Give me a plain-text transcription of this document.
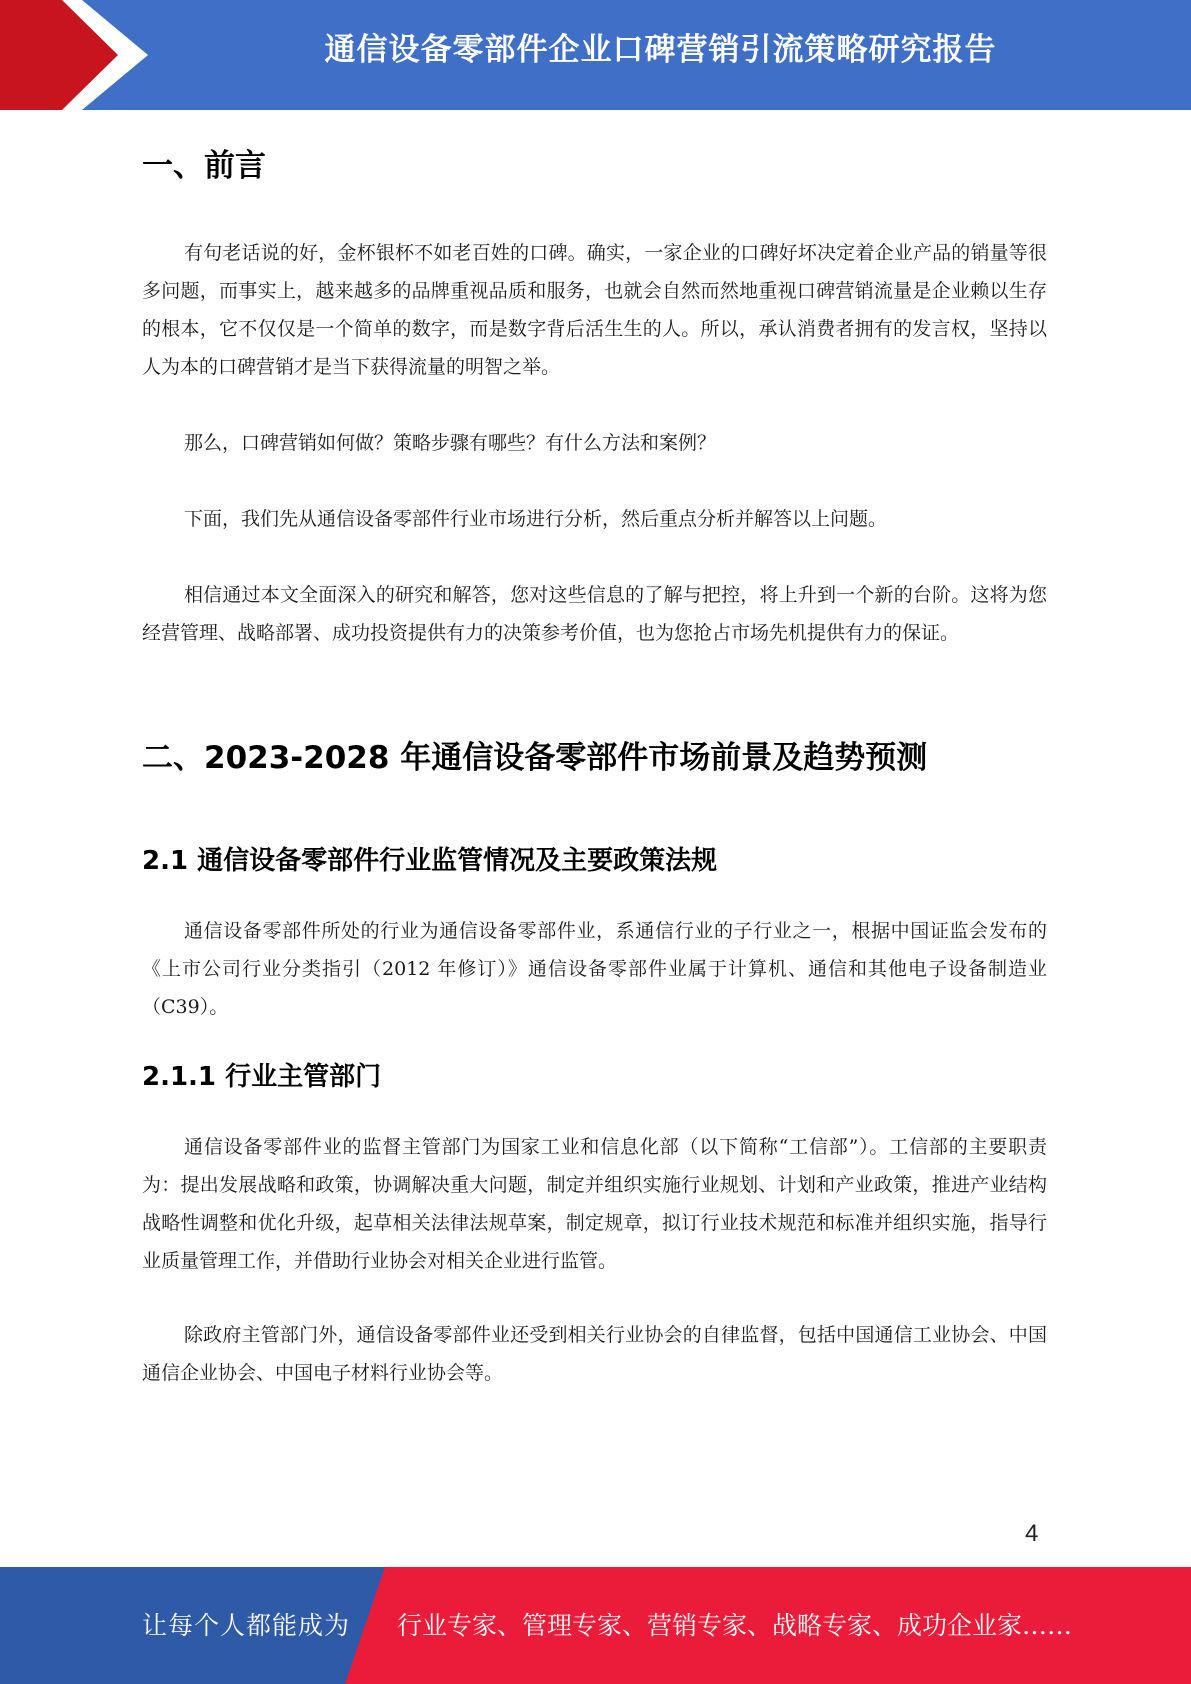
通信设备零部件企业口碑营销引流策略研究报告
一、前言

有句老话说的好，金杯银杯不如老百姓的口碑。确实，一家企业的口碑好坏决定着企业产品的销量等很多问题，而事实上，越来越多的品牌重视品质和服务，也就会自然而然地重视口碑营销流量是企业赖以生存的根本，它不仅仅是一个简单的数字，而是数字背后活生生的人。所以，承认消费者拥有的发言权，坚持以人为本的口碑营销才是当下获得流量的明智之举。

那么，口碑营销如何做？策略步骤有哪些？有什么方法和案例？

下面，我们先从通信设备零部件行业市场进行分析，然后重点分析并解答以上问题。

相信通过本文全面深入的研究和解答，您对这些信息的了解与把控，将上升到一个新的台阶。这将为您经营管理、战略部署、成功投资提供有力的决策参考价值，也为您抢占市场先机提供有力的保证。

二、2023-2028 年通信设备零部件市场前景及趋势预测
2.1 通信设备零部件行业监管情况及主要政策法规

通信设备零部件所处的行业为通信设备零部件业，系通信行业的子行业之一，根据中国证监会发布的《上市公司行业分类指引（2012 年修订）》通信设备零部件业属于计算机、通信和其他电子设备制造业（C39）。

2.1.1 行业主管部门

通信设备零部件业的监督主管部门为国家工业和信息化部（以下简称“工信部”）。工信部的主要职责为：提出发展战略和政策，协调解决重大问题，制定并组织实施行业规划、计划和产业政策，推进产业结构战略性调整和优化升级，起草相关法律法规草案，制定规章，拟订行业技术规范和标准并组织实施，指导行业质量管理工作，并借助行业协会对相关企业进行监管。

除政府主管部门外，通信设备零部件业还受到相关行业协会的自律监督，包括中国通信工业协会、中国通信企业协会、中国电子材料行业协会等。

4
让每个人都能成为 行业专家、管理专家、营销专家、战略专家、成功企业家……
